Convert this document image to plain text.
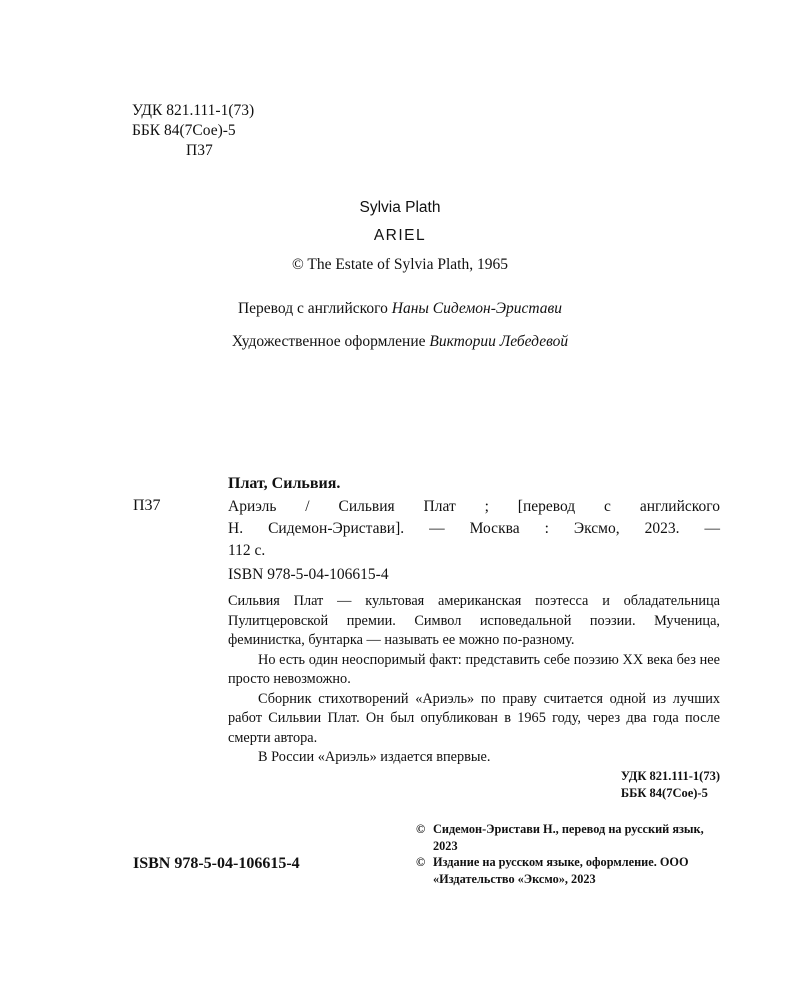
УДК 821.111-1(73)
ББК 84(7Сое)-5
П37
Sylvia Plath
ARIEL
© The Estate of Sylvia Plath, 1965
Перевод с английского Наны Сидемон-Эристави
Художественное оформление Виктории Лебедевой
Плат, Сильвия.
П37	Ариэль / Сильвия Плат ; [перевод с английского
Н. Сидемон-Эристави]. — Москва : Эксмо, 2023. —
112 с.
ISBN 978-5-04-106615-4

Сильвия Плат — культовая американская поэтесса и обладательница Пулитцеровской премии. Символ исповедальной поэзии. Мученица, феминистка, бунтарка — называть ее можно по-разному.

Но есть один неоспоримый факт: представить себе поэзию XX века без нее просто невозможно.

Сборник стихотворений «Ариэль» по праву считается одной из лучших работ Сильвии Плат. Он был опубликован в 1965 году, через два года после смерти автора.

В России «Ариэль» издается впервые.

УДК 821.111-1(73)
ББК 84(7Сое)-5
ISBN 978-5-04-106615-4
© Сидемон-Эристави Н., перевод на русский язык, 2023
© Издание на русском языке, оформление. ООО «Издательство «Эксмо», 2023
